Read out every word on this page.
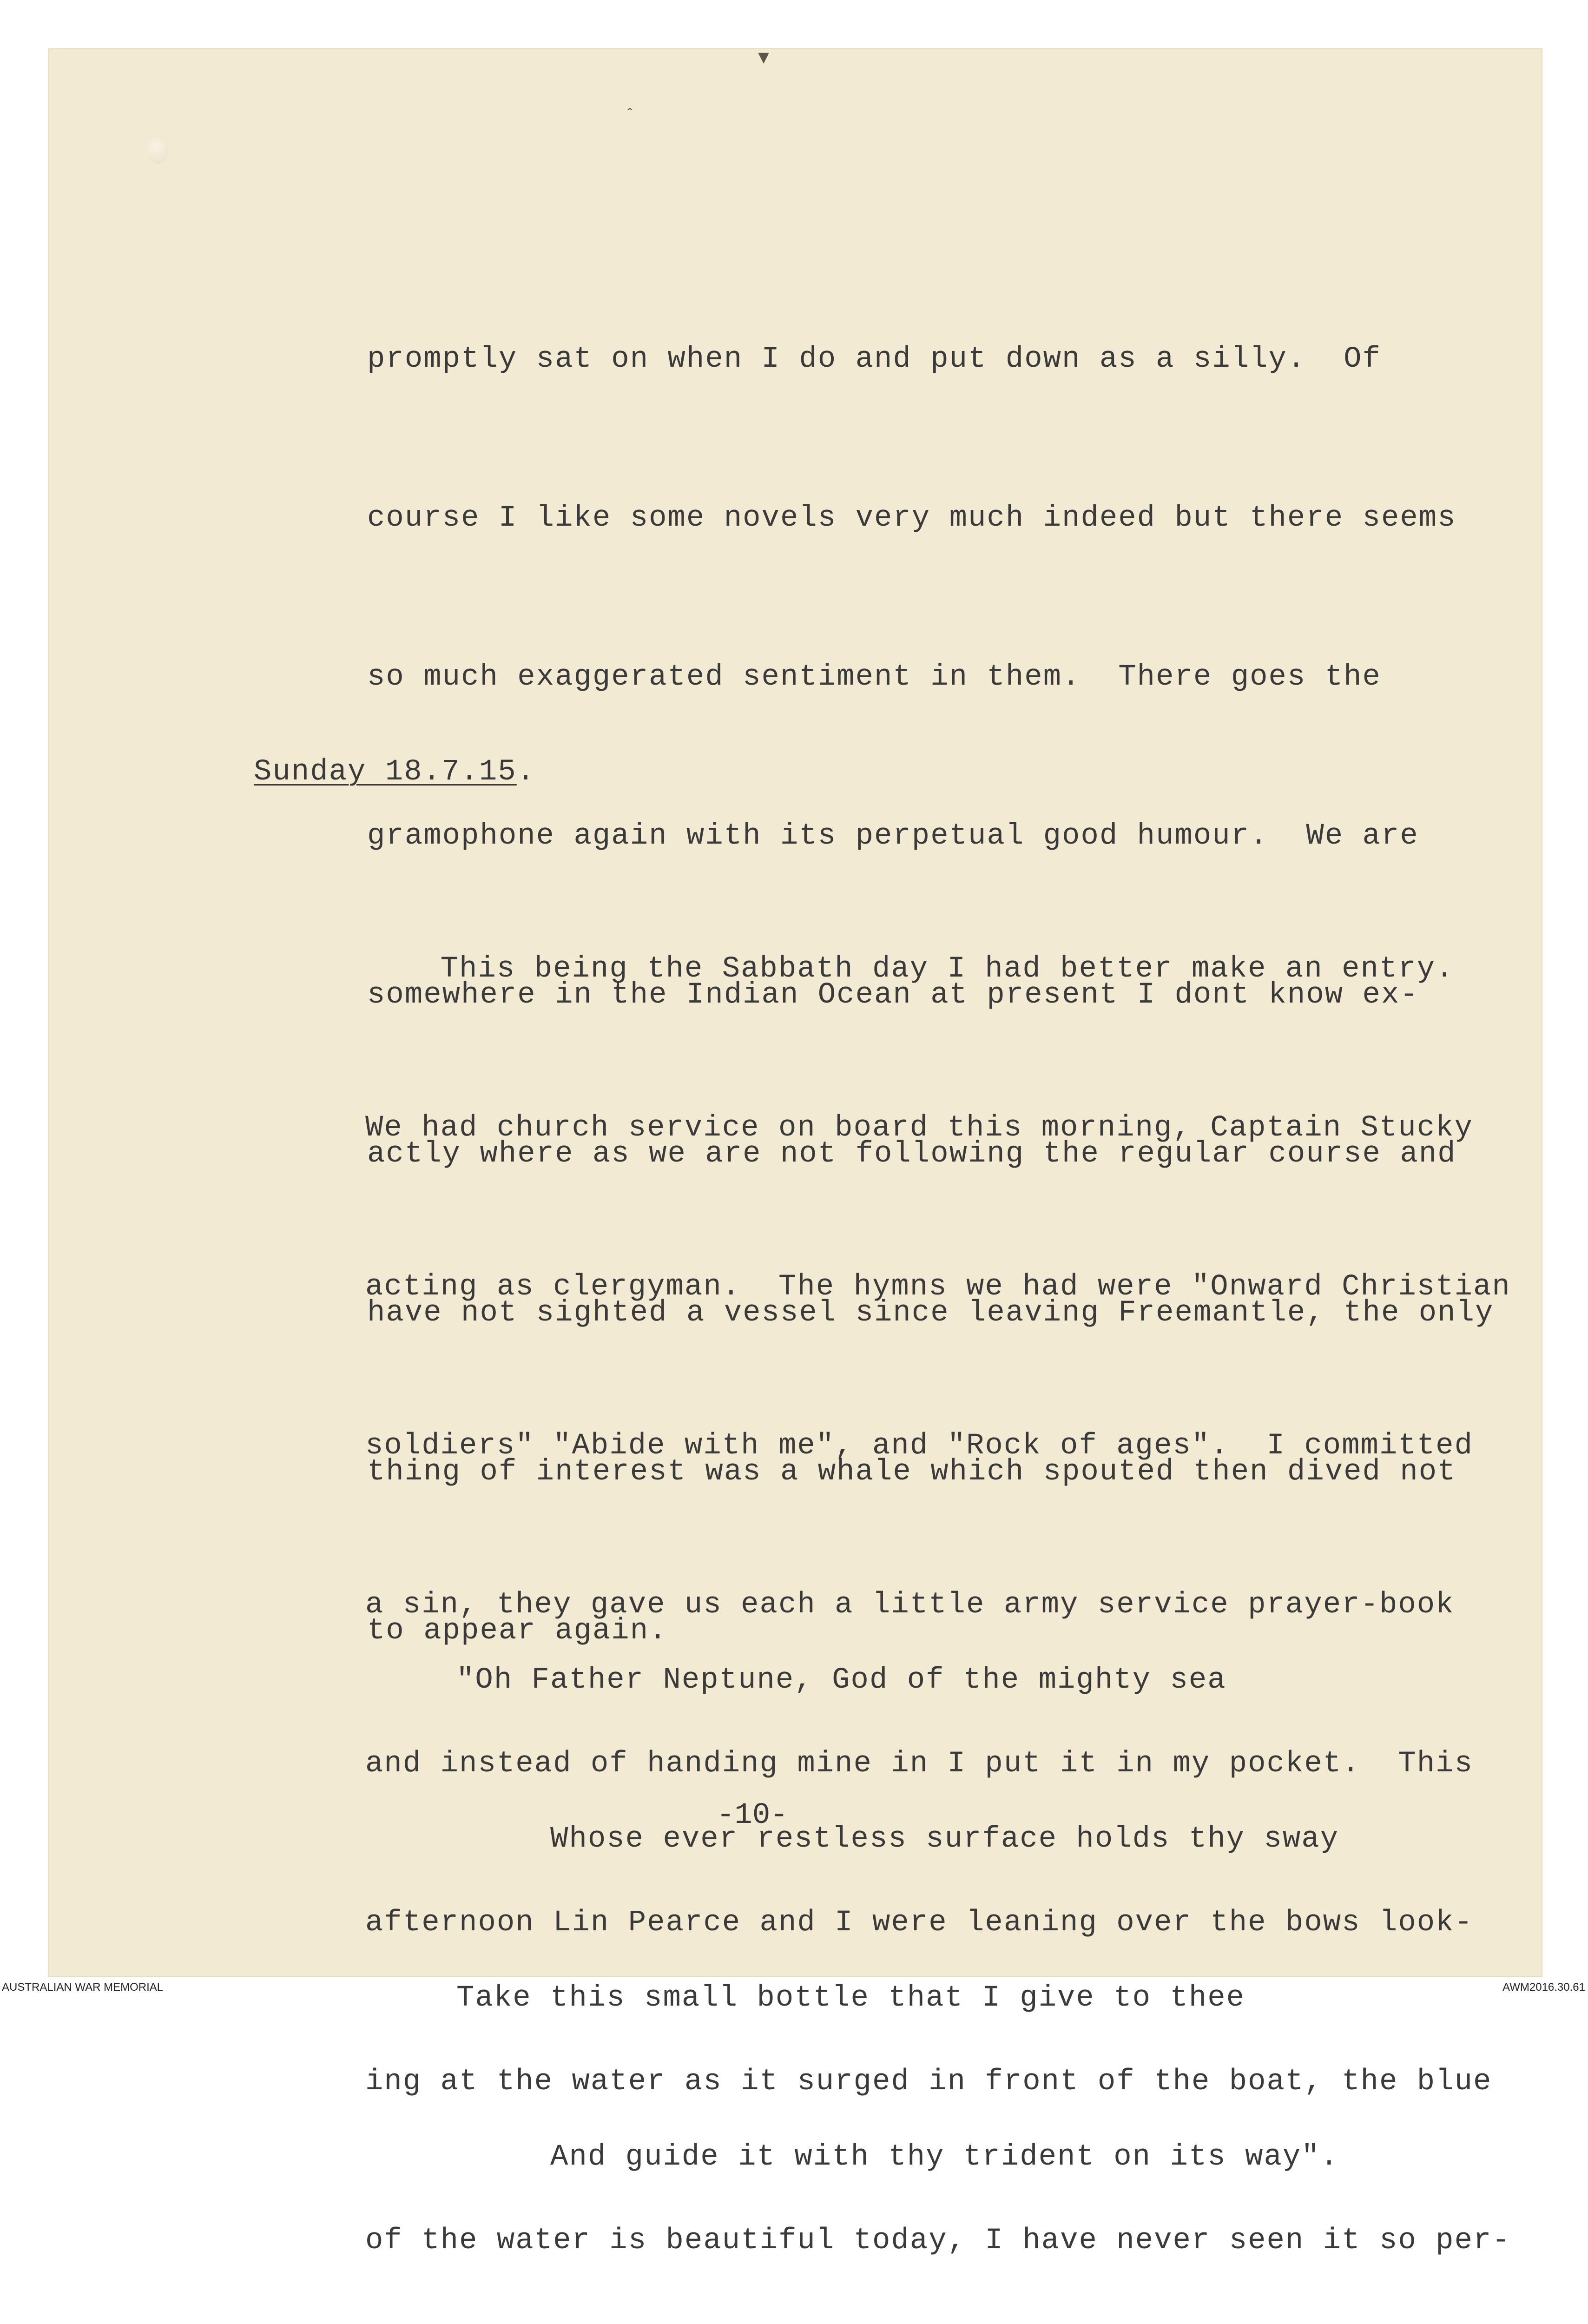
▾
ˆ

promptly sat on when I do and put down as a silly.  Of

course I like some novels very much indeed but there seems

so much exaggerated sentiment in them.  There goes the

gramophone again with its perpetual good humour.  We are

somewhere in the Indian Ocean at present I dont know ex-

actly where as we are not following the regular course and

have not sighted a vessel since leaving Freemantle, the only

thing of interest was a whale which spouted then dived not

to appear again.

Sunday 18.7.15.

This being the Sabbath day I had better make an entry.

We had church service on board this morning, Captain Stucky

acting as clergyman.  The hymns we had were "Onward Christian

soldiers" "Abide with me", and "Rock of ages".  I committed

a sin, they gave us each a little army service prayer-book

and instead of handing mine in I put it in my pocket.  This

afternoon Lin Pearce and I were leaning over the bows look-

ing at the water as it surged in front of the boat, the blue

of the water is beautiful today, I have never seen it so per-

"Oh Father Neptune, God of the mighty sea

Whose ever restless surface holds thy sway

Take this small bottle that I give to thee

And guide it with thy trident on its way".

-10-
AUSTRALIAN WAR MEMORIAL	AWM2016.30.61
